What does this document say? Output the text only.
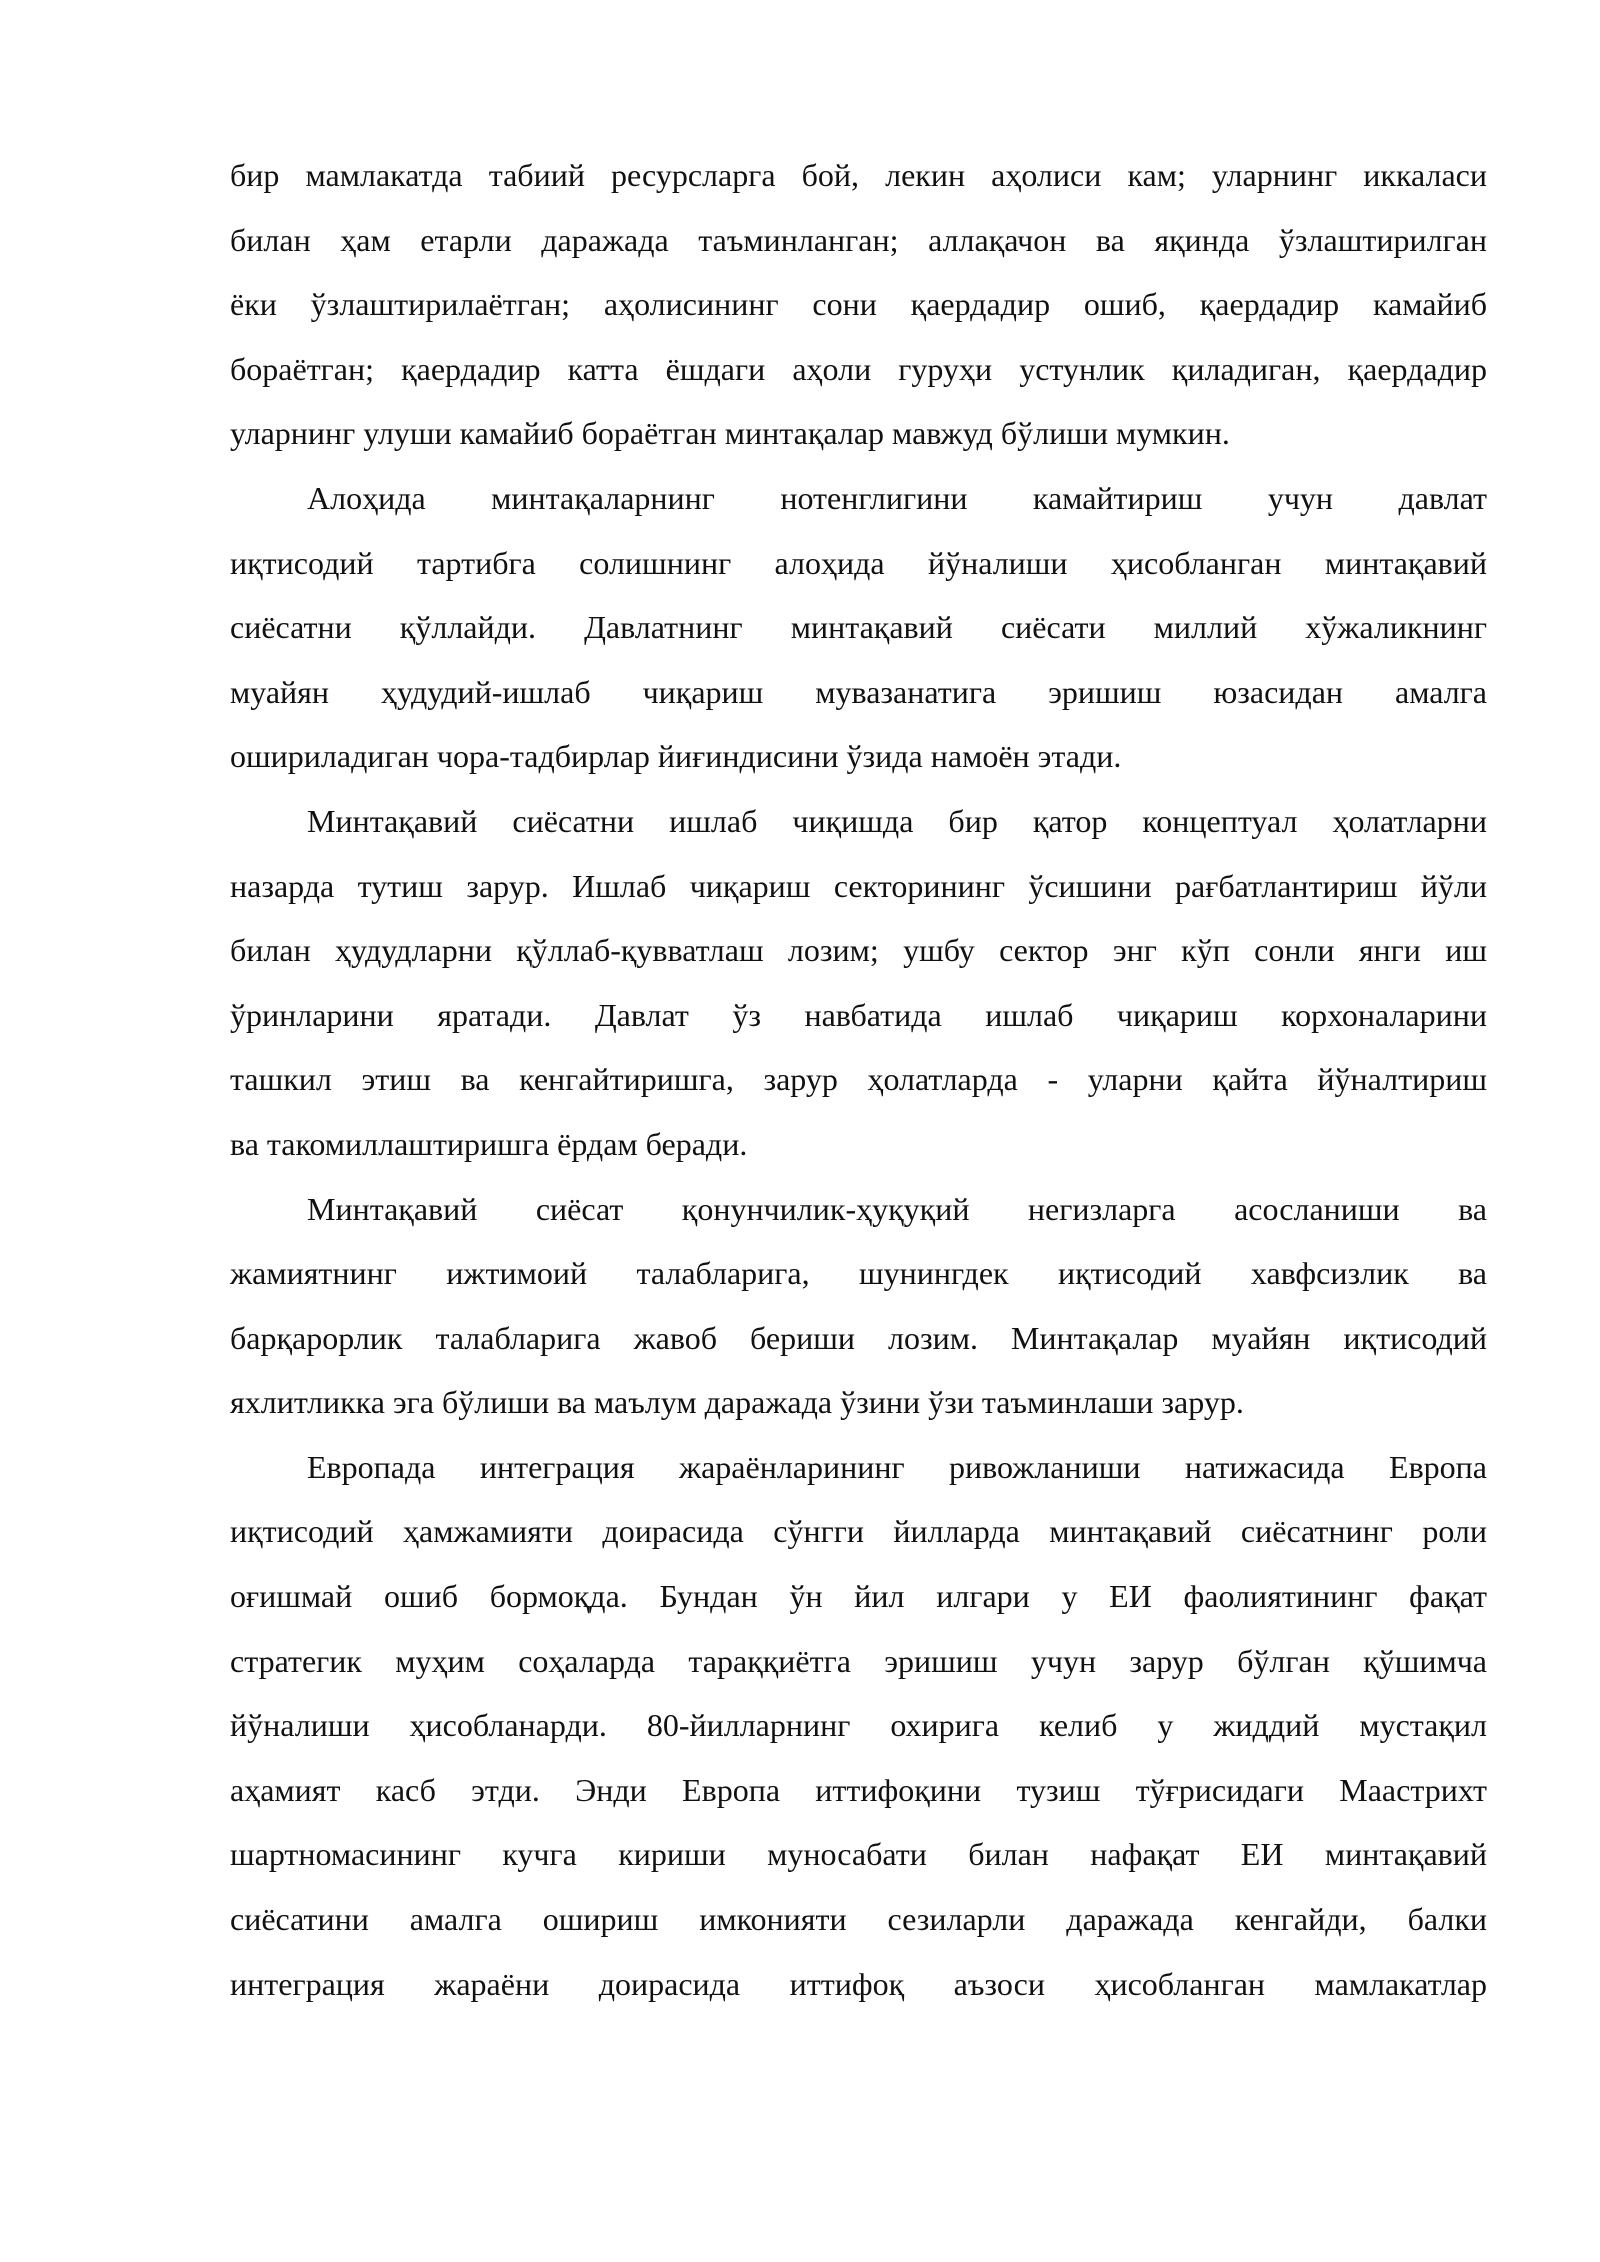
бир мамлакатда табиий ресурсларга бой, лекин аҳолиси кам; уларнинг иккаласи
билан ҳам етарли даражада таъминланган; аллақачон ва яқинда ўзлаштирилган
ёки ўзлаштирилаётган; аҳолисининг сони қаердадир ошиб, қаердадир камайиб
бораётган; қаердадир катта ёшдаги аҳоли гуруҳи устунлик қиладиган, қаердадир
уларнинг улуши камайиб бораётган минтақалар мавжуд бўлиши мумкин.

Алоҳида минтақаларнинг нотенглигини камайтириш учун давлат
иқтисодий тартибга солишнинг алоҳида йўналиши ҳисобланган минтақавий
сиёсатни қўллайди. Давлатнинг минтақавий сиёсати миллий хўжаликнинг
муайян ҳудудий-ишлаб чиқариш мувазанатига эришиш юзасидан амалга
ошириладиган чора-тадбирлар йиғиндисини ўзида намоён этади.

Минтақавий сиёсатни ишлаб чиқишда бир қатор концептуал ҳолатларни
назарда тутиш зарур. Ишлаб чиқариш секторининг ўсишини рағбатлантириш йўли
билан ҳудудларни қўллаб-қувватлаш лозим; ушбу сектор энг кўп сонли янги иш
ўринларини яратади. Давлат ўз навбатида ишлаб чиқариш корхоналарини
ташкил этиш ва кенгайтиришга, зарур ҳолатларда - уларни қайта йўналтириш
ва такомиллаштиришга ёрдам беради.

Минтақавий сиёсат қонунчилик-ҳуқуқий негизларга асосланиши ва
жамиятнинг ижтимоий талабларига, шунингдек иқтисодий хавфсизлик ва
барқарорлик талабларига жавоб бериши лозим. Минтақалар муайян иқтисодий
яхлитликка эга бўлиши ва маълум даражада ўзини ўзи таъминлаши зарур.

Европада интеграция жараёнларининг ривожланиши натижасида Европа
иқтисодий ҳамжамияти доирасида сўнгги йилларда минтақавий сиёсатнинг роли
оғишмай ошиб бормоқда. Бундан ўн йил илгари у ЕИ фаолиятининг фақат
стратегик муҳим соҳаларда тараққиётга эришиш учун зарур бўлган қўшимча
йўналиши ҳисобланарди. 80-йилларнинг охирига келиб у жиддий мустақил
аҳамият касб этди. Энди Европа иттифоқини тузиш тўғрисидаги Маастрихт
шартномасининг кучга кириши муносабати билан нафақат ЕИ минтақавий
сиёсатини амалга ошириш имконияти сезиларли даражада кенгайди, балки
интеграция жараёни доирасида иттифоқ аъзоси ҳисобланган мамлакатлар
